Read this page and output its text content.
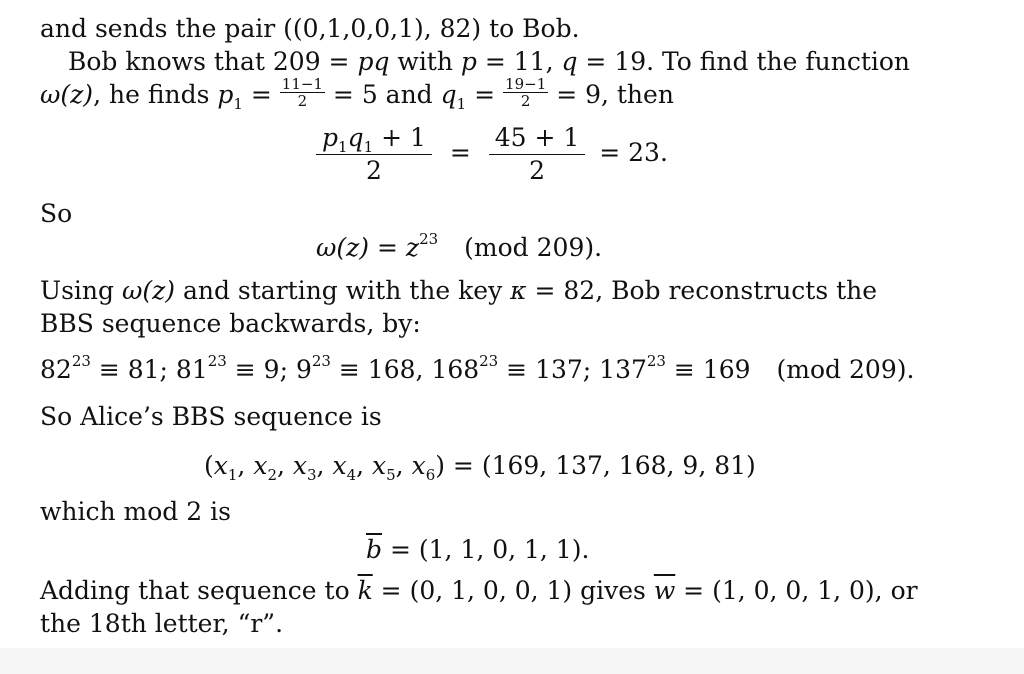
and sends the pair ((0,1,0,0,1), 82) to Bob.
Bob knows that 209 = pq with p = 11, q = 19. To find the function
ω(z), he finds $p_1 = \frac{11-1}{2} = 5$ and $q_1 = \frac{19-1}{2} = 9$, then
$\frac{p_1q_1 + 1}{2} = \frac{45 + 1}{2} = 23$.
So
$\omega(z) = z^{23}$ (mod 209).
Using ω(z) and starting with the key κ = 82, Bob reconstructs the
BBS sequence backwards, by:
$82^{23} \equiv 81$; $81^{23} \equiv 9$; $9^{23} \equiv 168$, $168^{23} \equiv 137$; $137^{23} \equiv 169$ (mod 209).
So Alice’s BBS sequence is
($x_1$, $x_2$, $x_3$, $x_4$, $x_5$, $x_6) = (169$, 137, 168, 9, 81)
which mod 2 is
$\overline{b} = (1$, 1, 0, 1, 1).
Adding that sequence to $\overline{k} = (0$, 1, 0, 0, 1) gives $\overline{w} = (1$, 0, 0, 1, 0), or
the 18th letter, “r”.
